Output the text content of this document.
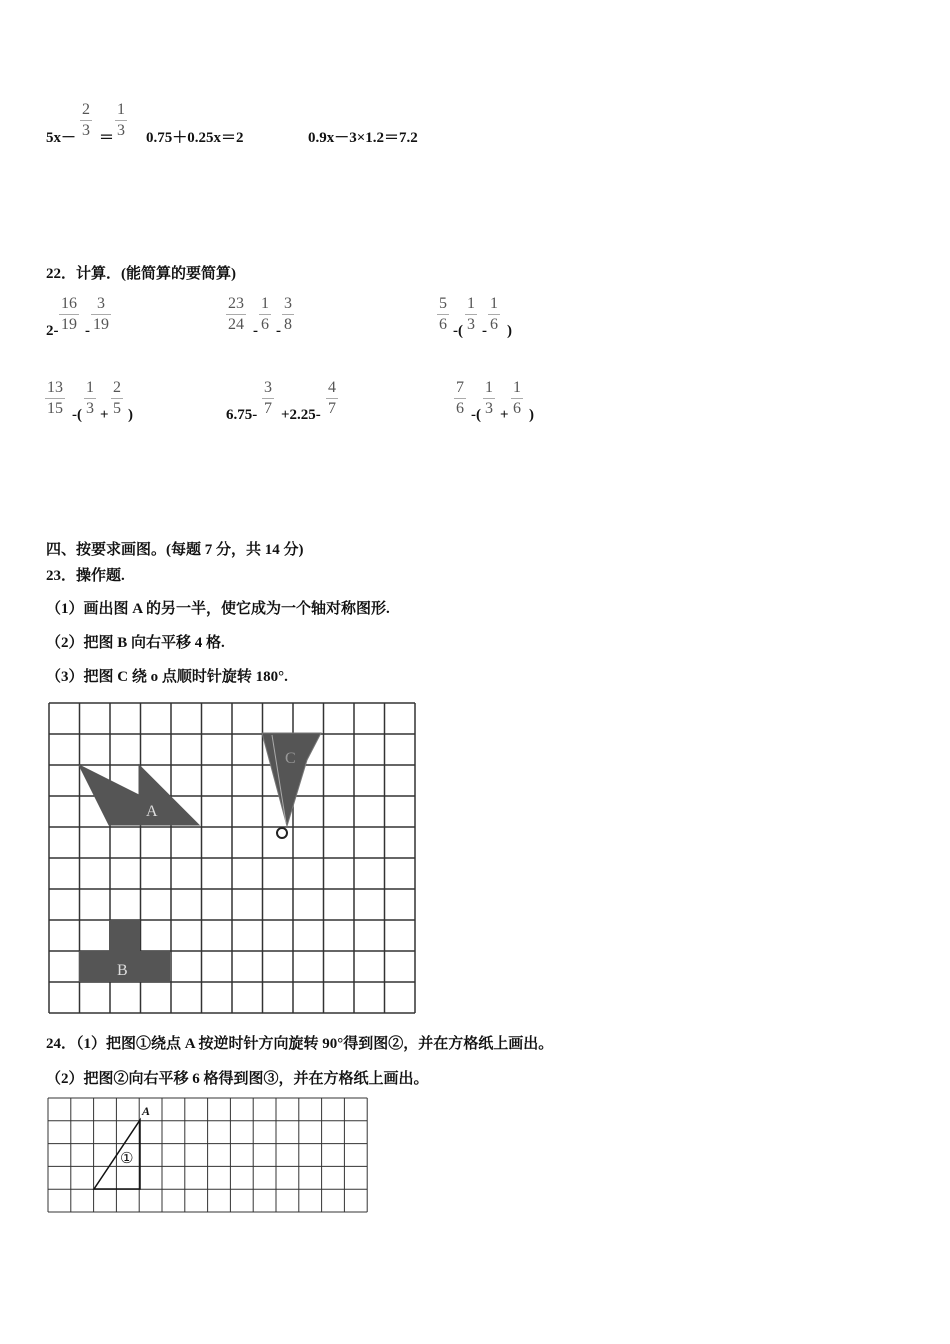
$5x- \frac{2}{3} = \frac{1}{3} 0.75+0.25x=2$	0.9x－3×1.2＝7.2
22．计算．(能简算的要简算)
$2- \frac{16}{19} - \frac{3}{19}$	$\frac{23}{24} - \frac{1}{6} - \frac{3}{8}$	$\frac{5}{6}$ -( $\frac{1}{3} - \frac{1}{6}$ )
$\frac{13}{15}$ -( $\frac{1}{3} + \frac{2}{5}$ )	$6.75- \frac{3}{7} +2.25- \frac{4}{7}$	$\frac{7}{6}$ -( $\frac{1}{3} + \frac{1}{6}$ )
四、按要求画图。(每题 7 分，共 14 分)
23．操作题.
（1）画出图 A 的另一半，使它成为一个轴对称图形.
（2）把图 B 向右平移 4 格.
（3）把图 C 绕 o 点顺时针旋转 180°.
A
C
B
24．（1）把图①绕点 A 按逆时针方向旋转 90°得到图②，并在方格纸上画出。
（2）把图②向右平移 6 格得到图③，并在方格纸上画出。
A
①
